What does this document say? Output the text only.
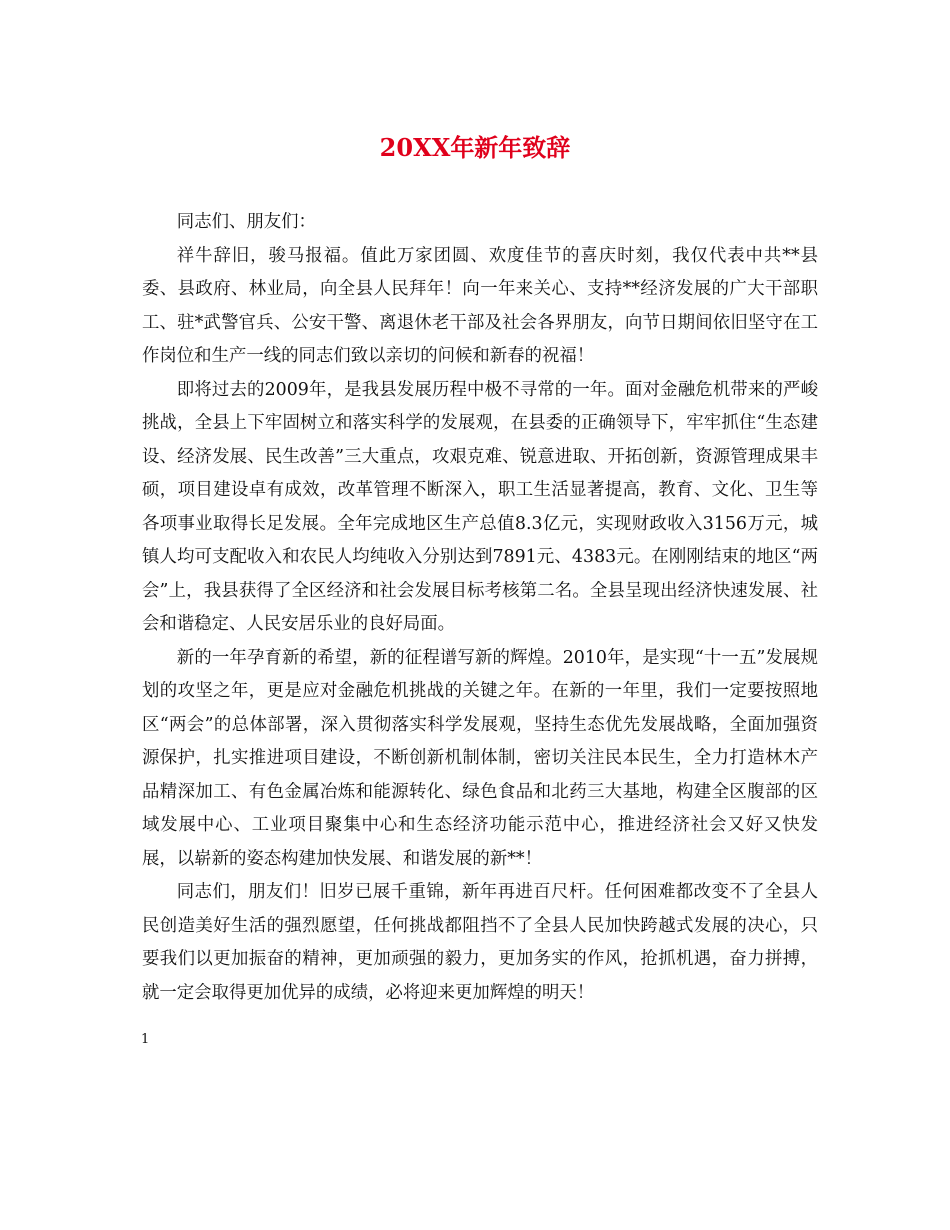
20XX年新年致辞

同志们、朋友们：

祥牛辞旧，骏马报福。值此万家团圆、欢度佳节的喜庆时刻，我仅代表中共**县委、县政府、林业局，向全县人民拜年！向一年来关心、支持**经济发展的广大干部职工、驻*武警官兵、公安干警、离退休老干部及社会各界朋友，向节日期间依旧坚守在工作岗位和生产一线的同志们致以亲切的问候和新春的祝福！

即将过去的2009年，是我县发展历程中极不寻常的一年。面对金融危机带来的严峻挑战，全县上下牢固树立和落实科学的发展观，在县委的正确领导下，牢牢抓住“生态建设、经济发展、民生改善”三大重点，攻艰克难、锐意进取、开拓创新，资源管理成果丰硕，项目建设卓有成效，改革管理不断深入，职工生活显著提高，教育、文化、卫生等各项事业取得长足发展。全年完成地区生产总值8.3亿元，实现财政收入3156万元，城镇人均可支配收入和农民人均纯收入分别达到7891元、4383元。在刚刚结束的地区“两会”上，我县获得了全区经济和社会发展目标考核第二名。全县呈现出经济快速发展、社会和谐稳定、人民安居乐业的良好局面。

新的一年孕育新的希望，新的征程谱写新的辉煌。2010年，是实现“十一五”发展规划的攻坚之年，更是应对金融危机挑战的关键之年。在新的一年里，我们一定要按照地区“两会”的总体部署，深入贯彻落实科学发展观，坚持生态优先发展战略，全面加强资源保护，扎实推进项目建设，不断创新机制体制，密切关注民本民生，全力打造林木产品精深加工、有色金属冶炼和能源转化、绿色食品和北药三大基地，构建全区腹部的区域发展中心、工业项目聚集中心和生态经济功能示范中心，推进经济社会又好又快发展，以崭新的姿态构建加快发展、和谐发展的新**！

同志们，朋友们！旧岁已展千重锦，新年再进百尺杆。任何困难都改变不了全县人民创造美好生活的强烈愿望，任何挑战都阻挡不了全县人民加快跨越式发展的决心，只要我们以更加振奋的精神，更加顽强的毅力，更加务实的作风，抢抓机遇，奋力拼搏，就一定会取得更加优异的成绩，必将迎来更加辉煌的明天！

1
